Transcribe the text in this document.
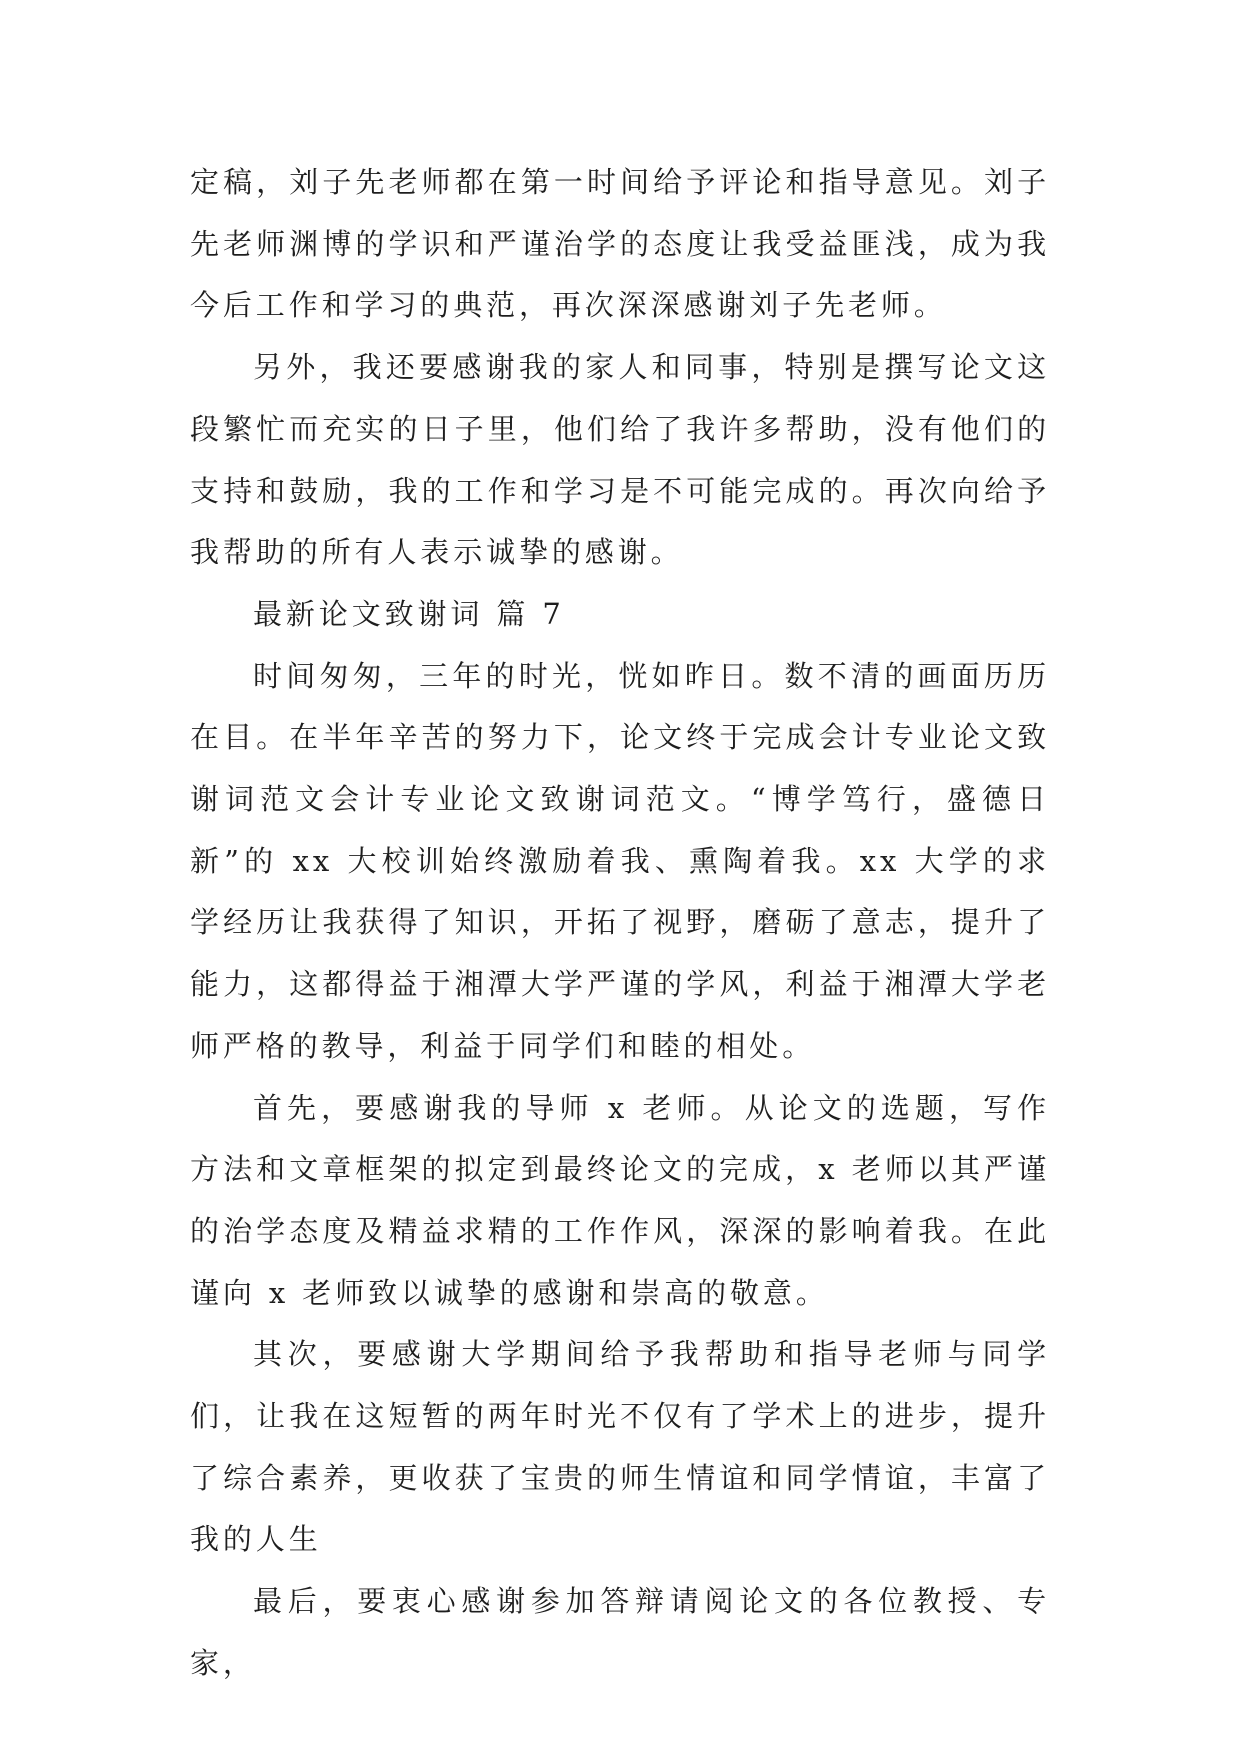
定稿，刘子先老师都在第一时间给予评论和指导意见。刘子先老师渊博的学识和严谨治学的态度让我受益匪浅，成为我今后工作和学习的典范，再次深深感谢刘子先老师。

另外，我还要感谢我的家人和同事，特别是撰写论文这段繁忙而充实的日子里，他们给了我许多帮助，没有他们的支持和鼓励，我的工作和学习是不可能完成的。再次向给予我帮助的所有人表示诚挚的感谢。

最新论文致谢词 篇 7

时间匆匆，三年的时光，恍如昨日。数不清的画面历历在目。在半年辛苦的努力下，论文终于完成会计专业论文致谢词范文会计专业论文致谢词范文。“博学笃行，盛德日新”的 xx 大校训始终激励着我、熏陶着我。xx 大学的求学经历让我获得了知识，开拓了视野，磨砺了意志，提升了能力，这都得益于湘潭大学严谨的学风，利益于湘潭大学老师严格的教导，利益于同学们和睦的相处。

首先，要感谢我的导师 x 老师。从论文的选题，写作方法和文章框架的拟定到最终论文的完成，x 老师以其严谨的治学态度及精益求精的工作作风，深深的影响着我。在此谨向 x 老师致以诚挚的感谢和崇高的敬意。

其次，要感谢大学期间给予我帮助和指导老师与同学们，让我在这短暂的两年时光不仅有了学术上的进步，提升了综合素养，更收获了宝贵的师生情谊和同学情谊，丰富了我的人生

最后，要衷心感谢参加答辩请阅论文的各位教授、专家，
